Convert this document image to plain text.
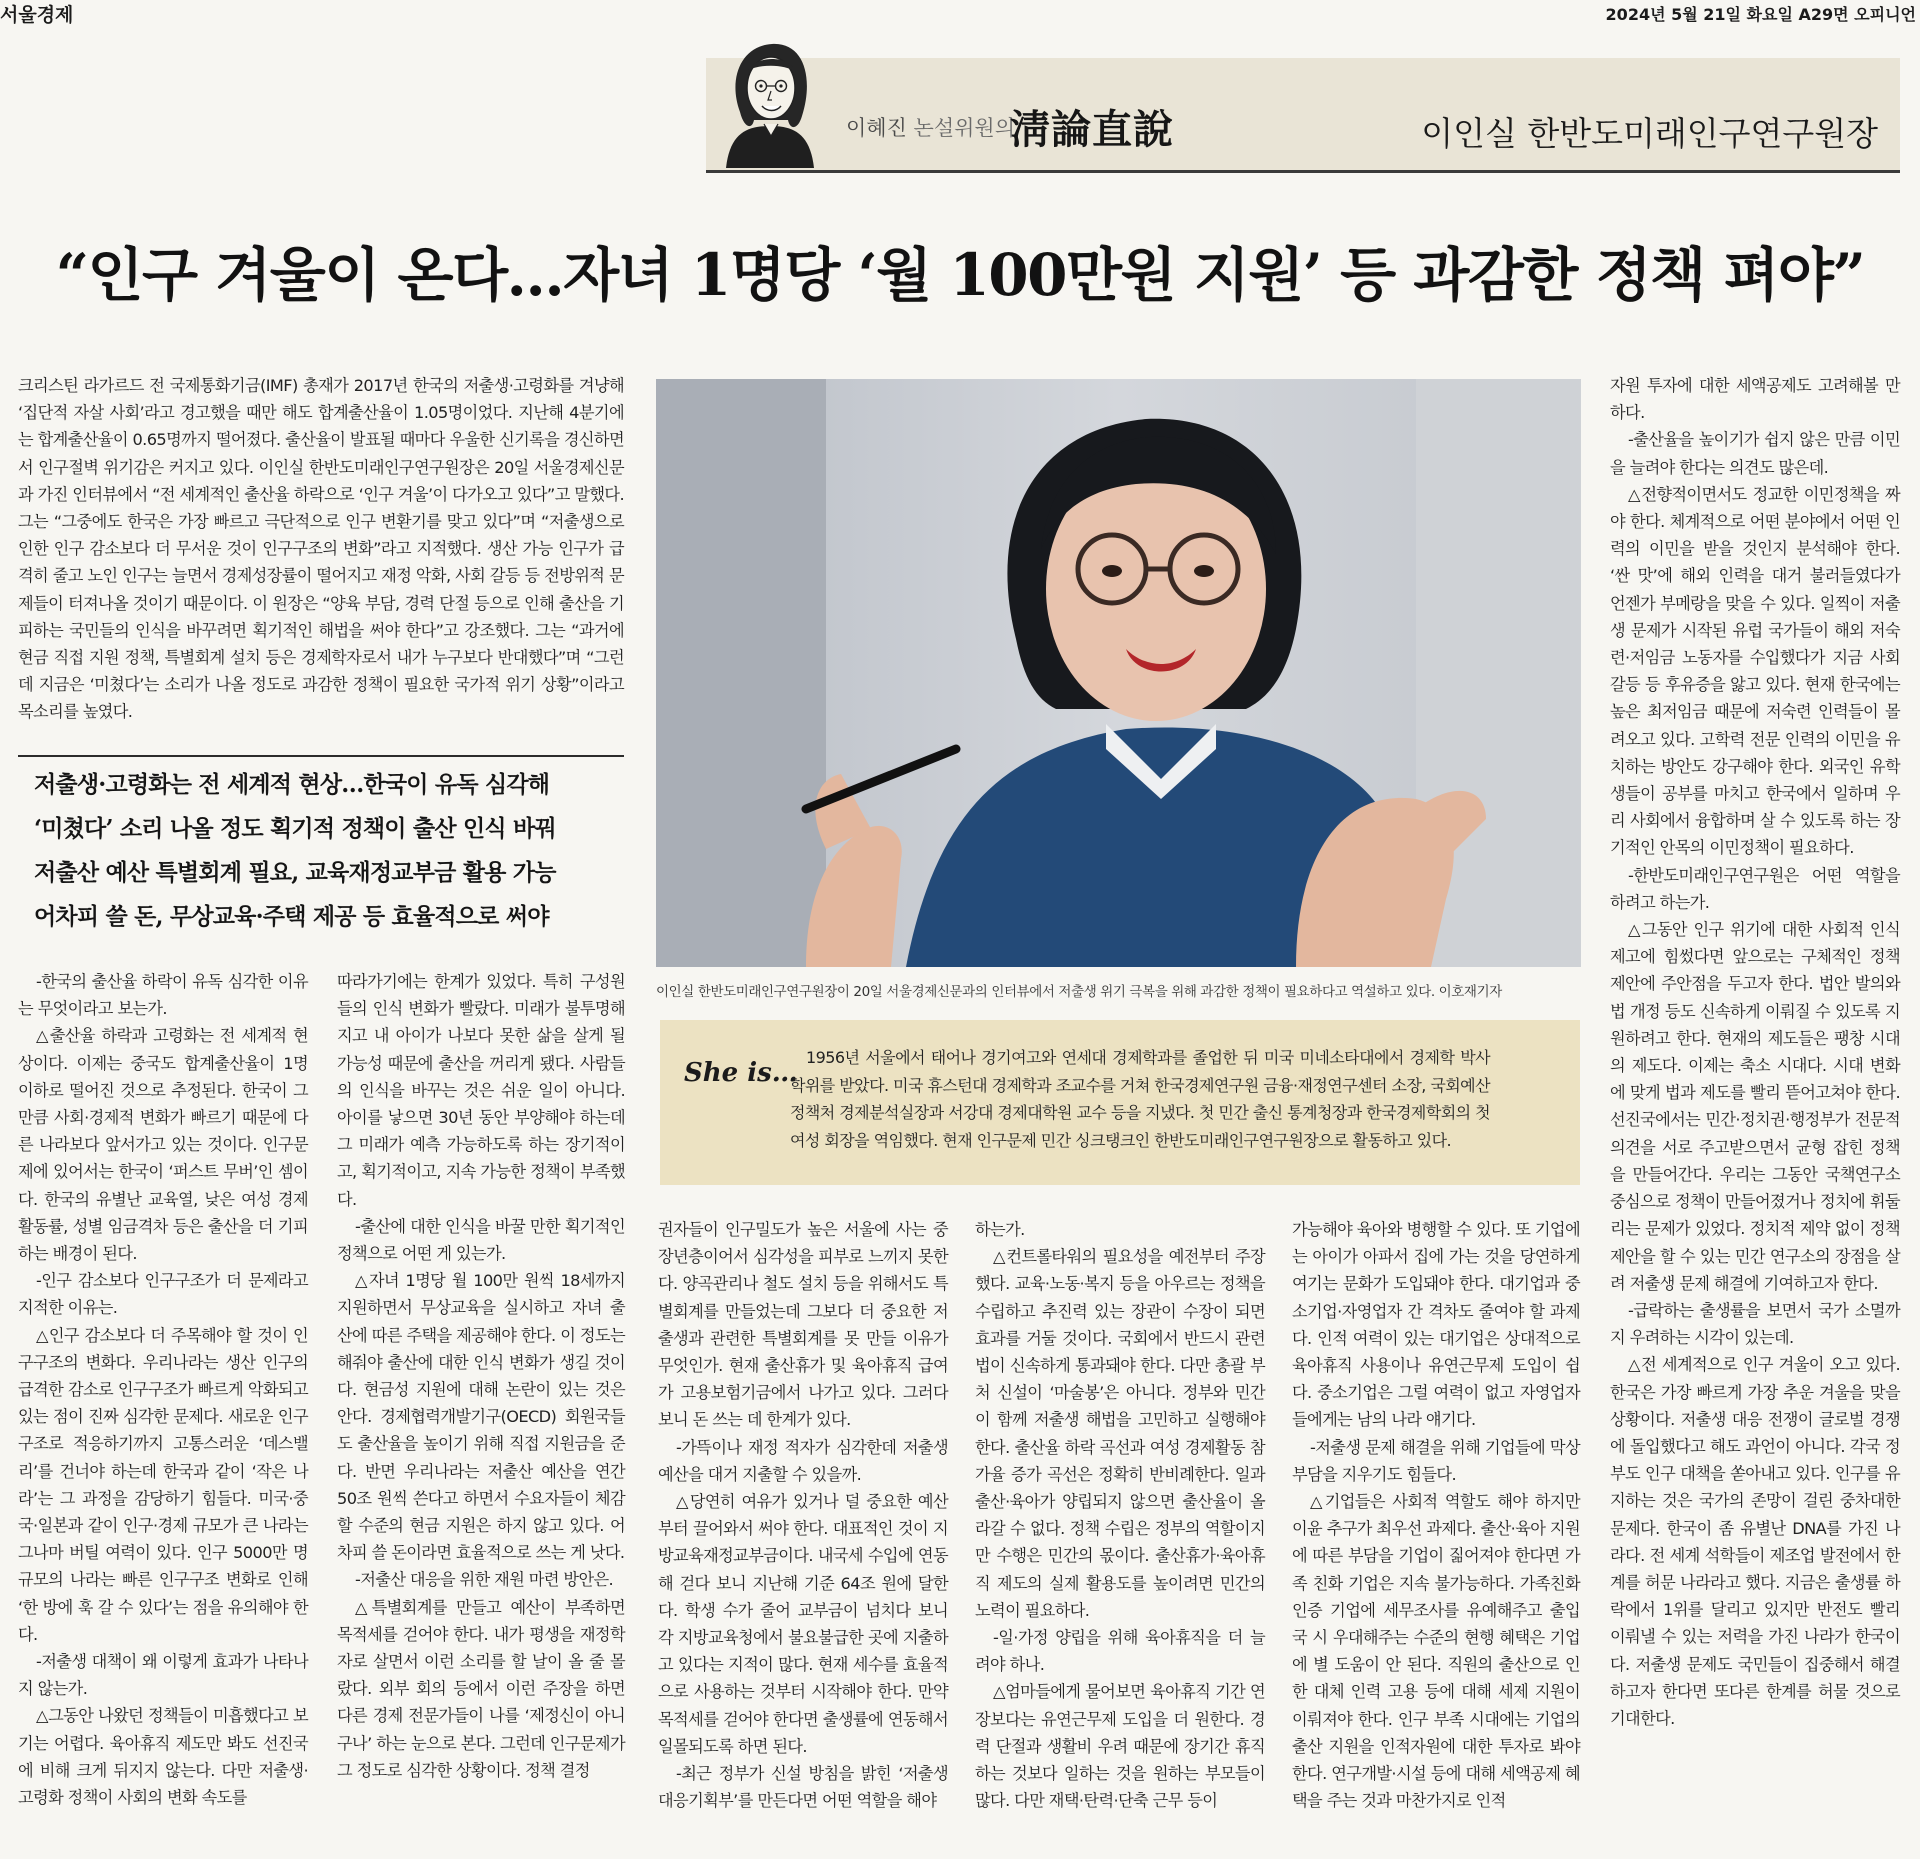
서울경제	2024년 5월 21일 화요일 A29면 오피니언
이혜진 논설위원의
淸論直說	이인실 한반도미래인구연구원장
“인구 겨울이 온다…자녀 1명당 ‘월 100만원 지원’ 등 과감한 정책 펴야”

크리스틴 라가르드 전 국제통화기금(IMF) 총재가 2017년 한국의 저출생·고령화를 겨냥해 ‘집단적 자살 사회’라고 경고했을 때만 해도 합계출산율이 1.05명이었다. 지난해 4분기에는 합계출산율이 0.65명까지 떨어졌다. 출산율이 발표될 때마다 우울한 신기록을 경신하면서 인구절벽 위기감은 커지고 있다. 이인실 한반도미래인구연구원장은 20일 서울경제신문과 가진 인터뷰에서 “전 세계적인 출산율 하락으로 ‘인구 겨울’이 다가오고 있다”고 말했다. 그는 “그중에도 한국은 가장 빠르고 극단적으로 인구 변환기를 맞고 있다”며 “저출생으로 인한 인구 감소보다 더 무서운 것이 인구구조의 변화”라고 지적했다. 생산 가능 인구가 급격히 줄고 노인 인구는 늘면서 경제성장률이 떨어지고 재정 악화, 사회 갈등 등 전방위적 문제들이 터져나올 것이기 때문이다. 이 원장은 “양육 부담, 경력 단절 등으로 인해 출산을 기피하는 국민들의 인식을 바꾸려면 획기적인 해법을 써야 한다”고 강조했다. 그는 “과거에 현금 직접 지원 정책, 특별회계 설치 등은 경제학자로서 내가 누구보다 반대했다”며 “그런데 지금은 ‘미쳤다’는 소리가 나올 정도로 과감한 정책이 필요한 국가적 위기 상황”이라고 목소리를 높였다.

저출생·고령화는 전 세계적 현상…한국이 유독 심각해
‘미쳤다’ 소리 나올 정도 획기적 정책이 출산 인식 바꿔
저출산 예산 특별회계 필요, 교육재정교부금 활용 가능
어차피 쓸 돈, 무상교육·주택 제공 등 효율적으로 써야
이인실 한반도미래인구연구원장이 20일 서울경제신문과의 인터뷰에서 저출생 위기 극복을 위해 과감한 정책이 필요하다고 역설하고 있다. 이호재기자
She is…
1956년 서울에서 태어나 경기여고와 연세대 경제학과를 졸업한 뒤 미국 미네소타대에서 경제학 박사 학위를 받았다. 미국 휴스턴대 경제학과 조교수를 거쳐 한국경제연구원 금융·재정연구센터 소장, 국회예산정책처 경제분석실장과 서강대 경제대학원 교수 등을 지냈다. 첫 민간 출신 통계청장과 한국경제학회의 첫 여성 회장을 역임했다. 현재 인구문제 민간 싱크탱크인 한반도미래인구연구원장으로 활동하고 있다.

-한국의 출산율 하락이 유독 심각한 이유는 무엇이라고 보는가.

△출산율 하락과 고령화는 전 세계적 현상이다. 이제는 중국도 합계출산율이 1명 이하로 떨어진 것으로 추정된다. 한국이 그만큼 사회·경제적 변화가 빠르기 때문에 다른 나라보다 앞서가고 있는 것이다. 인구문제에 있어서는 한국이 ‘퍼스트 무버’인 셈이다. 한국의 유별난 교육열, 낮은 여성 경제활동률, 성별 임금격차 등은 출산을 더 기피하는 배경이 된다.

-인구 감소보다 인구구조가 더 문제라고 지적한 이유는.

△인구 감소보다 더 주목해야 할 것이 인구구조의 변화다. 우리나라는 생산 인구의 급격한 감소로 인구구조가 빠르게 악화되고 있는 점이 진짜 심각한 문제다. 새로운 인구구조로 적응하기까지 고통스러운 ‘데스밸리’를 건너야 하는데 한국과 같이 ‘작은 나라’는 그 과정을 감당하기 힘들다. 미국·중국·일본과 같이 인구·경제 규모가 큰 나라는 그나마 버틸 여력이 있다. 인구 5000만 명 규모의 나라는 빠른 인구구조 변화로 인해 ‘한 방에 훅 갈 수 있다’는 점을 유의해야 한다.

-저출생 대책이 왜 이렇게 효과가 나타나지 않는가.

△그동안 나왔던 정책들이 미흡했다고 보기는 어렵다. 육아휴직 제도만 봐도 선진국에 비해 크게 뒤지지 않는다. 다만 저출생·고령화 정책이 사회의 변화 속도를

따라가기에는 한계가 있었다. 특히 구성원들의 인식 변화가 빨랐다. 미래가 불투명해지고 내 아이가 나보다 못한 삶을 살게 될 가능성 때문에 출산을 꺼리게 됐다. 사람들의 인식을 바꾸는 것은 쉬운 일이 아니다. 아이를 낳으면 30년 동안 부양해야 하는데 그 미래가 예측 가능하도록 하는 장기적이고, 획기적이고, 지속 가능한 정책이 부족했다.

-출산에 대한 인식을 바꿀 만한 획기적인 정책으로 어떤 게 있는가.

△자녀 1명당 월 100만 원씩 18세까지 지원하면서 무상교육을 실시하고 자녀 출산에 따른 주택을 제공해야 한다. 이 정도는 해줘야 출산에 대한 인식 변화가 생길 것이다. 현금성 지원에 대해 논란이 있는 것은 안다. 경제협력개발기구(OECD) 회원국들도 출산율을 높이기 위해 직접 지원금을 준다. 반면 우리나라는 저출산 예산을 연간 50조 원씩 쓴다고 하면서 수요자들이 체감할 수준의 현금 지원은 하지 않고 있다. 어차피 쓸 돈이라면 효율적으로 쓰는 게 낫다.

-저출산 대응을 위한 재원 마련 방안은.

△특별회계를 만들고 예산이 부족하면 목적세를 걷어야 한다. 내가 평생을 재정학자로 살면서 이런 소리를 할 날이 올 줄 몰랐다. 외부 회의 등에서 이런 주장을 하면 다른 경제 전문가들이 나를 ‘제정신이 아니구나’ 하는 눈으로 본다. 그런데 인구문제가 그 정도로 심각한 상황이다. 정책 결정

권자들이 인구밀도가 높은 서울에 사는 중장년층이어서 심각성을 피부로 느끼지 못한다. 양곡관리나 철도 설치 등을 위해서도 특별회계를 만들었는데 그보다 더 중요한 저출생과 관련한 특별회계를 못 만들 이유가 무엇인가. 현재 출산휴가 및 육아휴직 급여가 고용보험기금에서 나가고 있다. 그러다 보니 돈 쓰는 데 한계가 있다.

-가뜩이나 재정 적자가 심각한데 저출생 예산을 대거 지출할 수 있을까.

△당연히 여유가 있거나 덜 중요한 예산부터 끌어와서 써야 한다. 대표적인 것이 지방교육재정교부금이다. 내국세 수입에 연동해 걷다 보니 지난해 기준 64조 원에 달한다. 학생 수가 줄어 교부금이 넘치다 보니 각 지방교육청에서 불요불급한 곳에 지출하고 있다는 지적이 많다. 현재 세수를 효율적으로 사용하는 것부터 시작해야 한다. 만약 목적세를 걷어야 한다면 출생률에 연동해서 일몰되도록 하면 된다.

-최근 정부가 신설 방침을 밝힌 ‘저출생대응기획부’를 만든다면 어떤 역할을 해야

하는가.

△컨트롤타워의 필요성을 예전부터 주장했다. 교육·노동·복지 등을 아우르는 정책을 수립하고 추진력 있는 장관이 수장이 되면 효과를 거둘 것이다. 국회에서 반드시 관련 법이 신속하게 통과돼야 한다. 다만 총괄 부처 신설이 ‘마술봉’은 아니다. 정부와 민간이 함께 저출생 해법을 고민하고 실행해야 한다. 출산율 하락 곡선과 여성 경제활동 참가율 증가 곡선은 정확히 반비례한다. 일과 출산·육아가 양립되지 않으면 출산율이 올라갈 수 없다. 정책 수립은 정부의 역할이지만 수행은 민간의 몫이다. 출산휴가·육아휴직 제도의 실제 활용도를 높이려면 민간의 노력이 필요하다.

-일·가정 양립을 위해 육아휴직을 더 늘려야 하나.

△엄마들에게 물어보면 육아휴직 기간 연장보다는 유연근무제 도입을 더 원한다. 경력 단절과 생활비 우려 때문에 장기간 휴직하는 것보다 일하는 것을 원하는 부모들이 많다. 다만 재택·탄력·단축 근무 등이

가능해야 육아와 병행할 수 있다. 또 기업에는 아이가 아파서 집에 가는 것을 당연하게 여기는 문화가 도입돼야 한다. 대기업과 중소기업·자영업자 간 격차도 줄여야 할 과제다. 인적 여력이 있는 대기업은 상대적으로 육아휴직 사용이나 유연근무제 도입이 쉽다. 중소기업은 그럴 여력이 없고 자영업자들에게는 남의 나라 얘기다.

-저출생 문제 해결을 위해 기업들에 막상 부담을 지우기도 힘들다.

△기업들은 사회적 역할도 해야 하지만 이윤 추구가 최우선 과제다. 출산·육아 지원에 따른 부담을 기업이 짊어져야 한다면 가족 친화 기업은 지속 불가능하다. 가족친화 인증 기업에 세무조사를 유예해주고 출입국 시 우대해주는 수준의 현행 혜택은 기업에 별 도움이 안 된다. 직원의 출산으로 인한 대체 인력 고용 등에 대해 세제 지원이 이뤄져야 한다. 인구 부족 시대에는 기업의 출산 지원을 인적자원에 대한 투자로 봐야 한다. 연구개발·시설 등에 대해 세액공제 혜택을 주는 것과 마찬가지로 인적

자원 투자에 대한 세액공제도 고려해볼 만하다.

-출산율을 높이기가 쉽지 않은 만큼 이민을 늘려야 한다는 의견도 많은데.

△전향적이면서도 정교한 이민정책을 짜야 한다. 체계적으로 어떤 분야에서 어떤 인력의 이민을 받을 것인지 분석해야 한다. ‘싼 맛’에 해외 인력을 대거 불러들였다가 언젠가 부메랑을 맞을 수 있다. 일찍이 저출생 문제가 시작된 유럽 국가들이 해외 저숙련·저임금 노동자를 수입했다가 지금 사회 갈등 등 후유증을 앓고 있다. 현재 한국에는 높은 최저임금 때문에 저숙련 인력들이 몰려오고 있다. 고학력 전문 인력의 이민을 유치하는 방안도 강구해야 한다. 외국인 유학생들이 공부를 마치고 한국에서 일하며 우리 사회에서 융합하며 살 수 있도록 하는 장기적인 안목의 이민정책이 필요하다.

-한반도미래인구연구원은 어떤 역할을 하려고 하는가.

△그동안 인구 위기에 대한 사회적 인식 제고에 힘썼다면 앞으로는 구체적인 정책 제안에 주안점을 두고자 한다. 법안 발의와 법 개정 등도 신속하게 이뤄질 수 있도록 지원하려고 한다. 현재의 제도들은 팽창 시대의 제도다. 이제는 축소 시대다. 시대 변화에 맞게 법과 제도를 빨리 뜯어고쳐야 한다. 선진국에서는 민간·정치권·행정부가 전문적 의견을 서로 주고받으면서 균형 잡힌 정책을 만들어간다. 우리는 그동안 국책연구소 중심으로 정책이 만들어졌거나 정치에 휘둘리는 문제가 있었다. 정치적 제약 없이 정책 제안을 할 수 있는 민간 연구소의 장점을 살려 저출생 문제 해결에 기여하고자 한다.

-급락하는 출생률을 보면서 국가 소멸까지 우려하는 시각이 있는데.

△전 세계적으로 인구 겨울이 오고 있다. 한국은 가장 빠르게 가장 추운 겨울을 맞을 상황이다. 저출생 대응 전쟁이 글로벌 경쟁에 돌입했다고 해도 과언이 아니다. 각국 정부도 인구 대책을 쏟아내고 있다. 인구를 유지하는 것은 국가의 존망이 걸린 중차대한 문제다. 한국이 좀 유별난 DNA를 가진 나라다. 전 세계 석학들이 제조업 발전에서 한계를 허문 나라라고 했다. 지금은 출생률 하락에서 1위를 달리고 있지만 반전도 빨리 이뤄낼 수 있는 저력을 가진 나라가 한국이다. 저출생 문제도 국민들이 집중해서 해결하고자 한다면 또다른 한계를 허물 것으로 기대한다.
